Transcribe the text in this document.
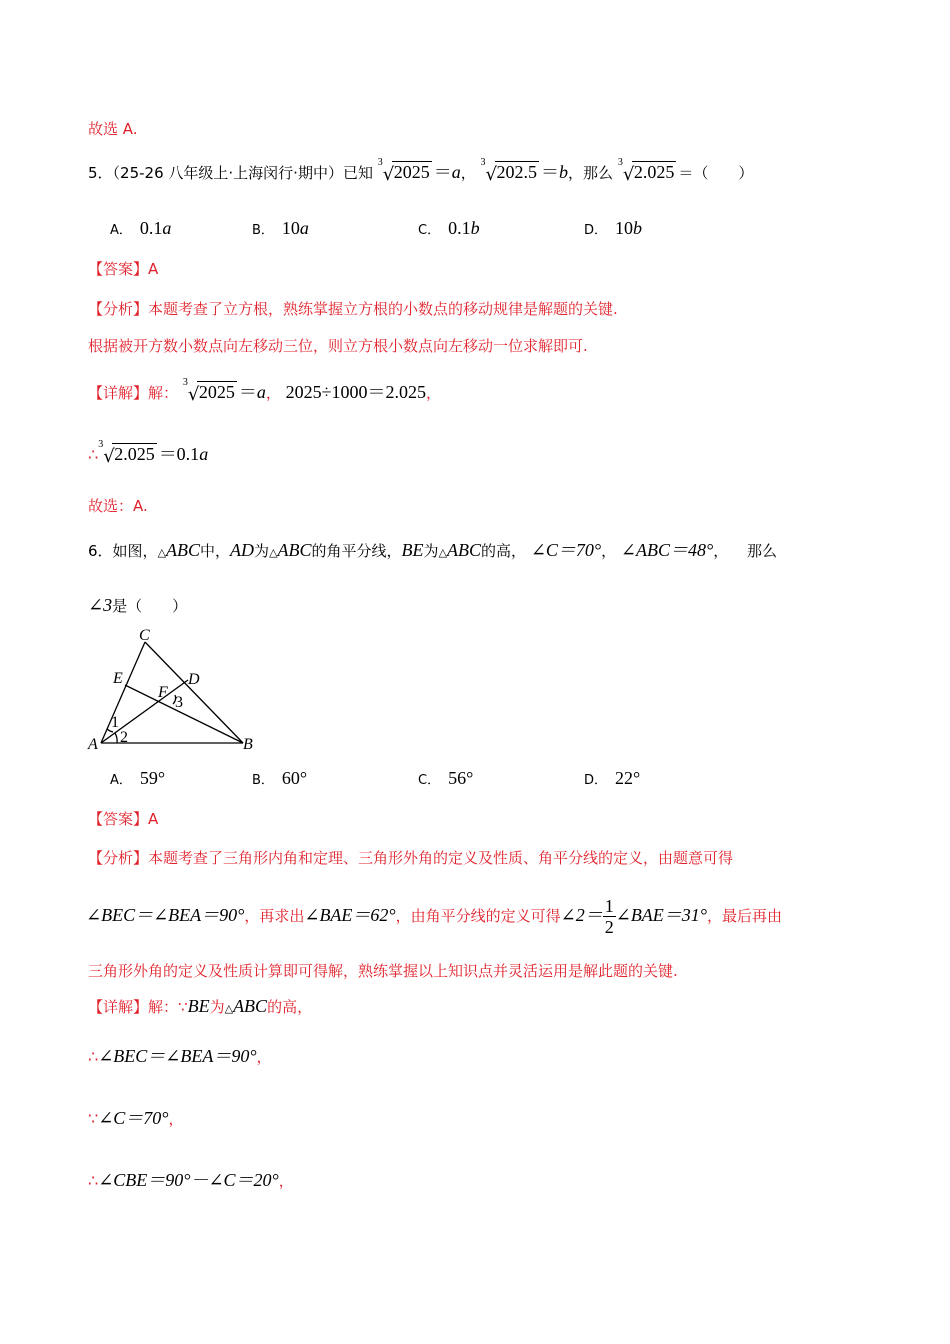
故选 A.
5．（25-26 八年级上·上海闵行·期中）已知
3
√ 2025 ＝a，
3
√ 202.5 ＝b，那么
3
√ 2.025 ＝（　　）
A． 0.1a	B． 10a	C． 0.1b	D． 10b
【答案】A
【分析】本题考查了立方根，熟练掌握立方根的小数点的移动规律是解题的关键.
根据被开方数小数点向左移动三位，则立方根小数点向左移动一位求解即可.
【详解】解：
3
√ 2025 ＝a， 2025÷1000＝2.025，
∴
3
√ 2.025 ＝0.1a
故选：A.
6．如图，△ABC中，AD为△ABC的角平分线，BE为△ABC的高， ∠C＝70°， ∠ABC＝48°， 那么
∠3是（　　）
C
E	D
F
3
1
A 2	B
A． 59°	B． 60°	C． 56°	D． 22°
【答案】A
【分析】本题考查了三角形内角和定理、三角形外角的定义及性质、角平分线的定义，由题意可得
∠BEC＝∠BEA＝90°，再求出∠BAE＝62°，由角平分线的定义可得∠2＝ $\frac{1}{2}$ ∠BAE＝31°，最后再由
三角形外角的定义及性质计算即可得解，熟练掌握以上知识点并灵活运用是解此题的关键.
【详解】解：∵BE为△ABC的高，
∴∠BEC＝∠BEA＝90°，
∵∠C＝70°，
∴∠CBE＝90°－∠C＝20°，
